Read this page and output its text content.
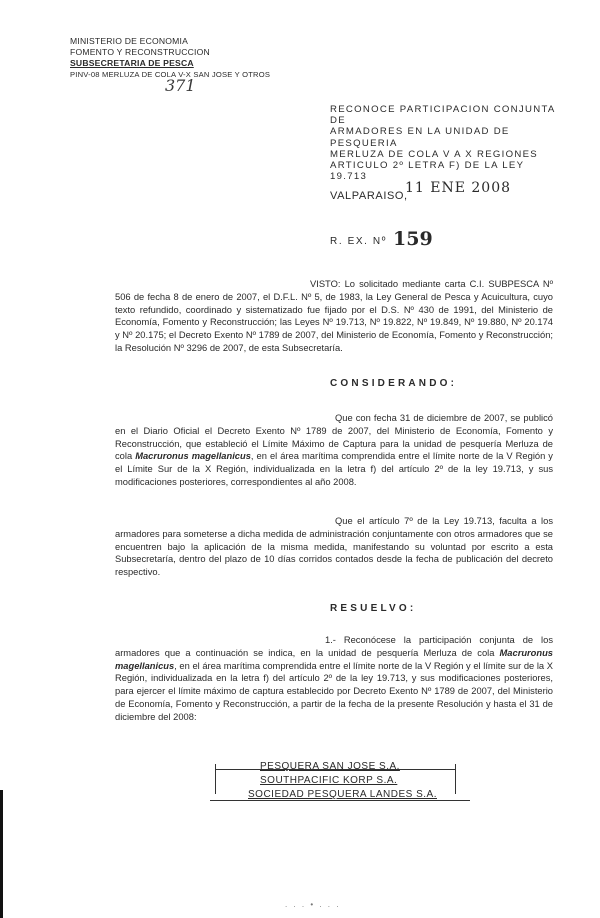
MINISTERIO DE ECONOMIA
FOMENTO Y RECONSTRUCCION
SUBSECRETARIA DE PESCA
PINV-08 MERLUZA DE COLA V-X SAN JOSE Y OTROS
371
RECONOCE PARTICIPACION CONJUNTA DE
ARMADORES EN LA UNIDAD DE PESQUERIA
MERLUZA DE COLA V A X REGIONES
ARTICULO 2º LETRA F) DE LA LEY 19.713
VALPARAISO,
11 ENE 2008
R. EX. Nº 159

VISTO: Lo solicitado mediante carta C.I. SUBPESCA Nº 506 de fecha 8 de enero de 2007, el D.F.L. Nº 5, de 1983, la Ley General de Pesca y Acuicultura, cuyo texto refundido, coordinado y sistematizado fue fijado por el D.S. Nº 430 de 1991, del Ministerio de Economía, Fomento y Reconstrucción; las Leyes Nº 19.713, Nº 19.822, Nº 19.849, Nº 19.880, Nº 20.174 y Nº 20.175; el Decreto Exento Nº 1789 de 2007, del Ministerio de Economía, Fomento y Reconstrucción; la Resolución Nº 3296 de 2007, de esta Subsecretaría.

CONSIDERANDO:

Que con fecha 31 de diciembre de 2007, se publicó en el Diario Oficial el Decreto Exento Nº 1789 de 2007, del Ministerio de Economía, Fomento y Reconstrucción, que estableció el Límite Máximo de Captura para la unidad de pesquería Merluza de cola Macruronus magellanicus, en el área marítima comprendida entre el límite norte de la V Región y el Límite Sur de la X Región, individualizada en la letra f) del artículo 2º de la ley 19.713, y sus modificaciones posteriores, correspondientes al año 2008.

Que el artículo 7º de la Ley 19.713, faculta a los armadores para someterse a dicha medida de administración conjuntamente con otros armadores que se encuentren bajo la aplicación de la misma medida, manifestando su voluntad por escrito a esta Subsecretaría, dentro del plazo de 10 días corridos contados desde la fecha de publicación del decreto respectivo.

RESUELVO:

1.- Reconócese la participación conjunta de los armadores que a continuación se indica, en la unidad de pesquería Merluza de cola Macruronus magellanicus, en el área marítima comprendida entre el límite norte de la V Región y el límite sur de la X Región, individualizada en la letra f) del artículo 2º de la ley 19.713, y sus modificaciones posteriores, para ejercer el límite máximo de captura establecido por Decreto Exento Nº 1789 de 2007, del Ministerio de Economía, Fomento y Reconstrucción, a partir de la fecha de la presente Resolución y hasta el 31 de diciembre del 2008:

PESQUERA SAN JOSE S.A.
SOUTHPACIFIC KORP S.A.
SOCIEDAD PESQUERA LANDES S.A.
. . . • . . .
